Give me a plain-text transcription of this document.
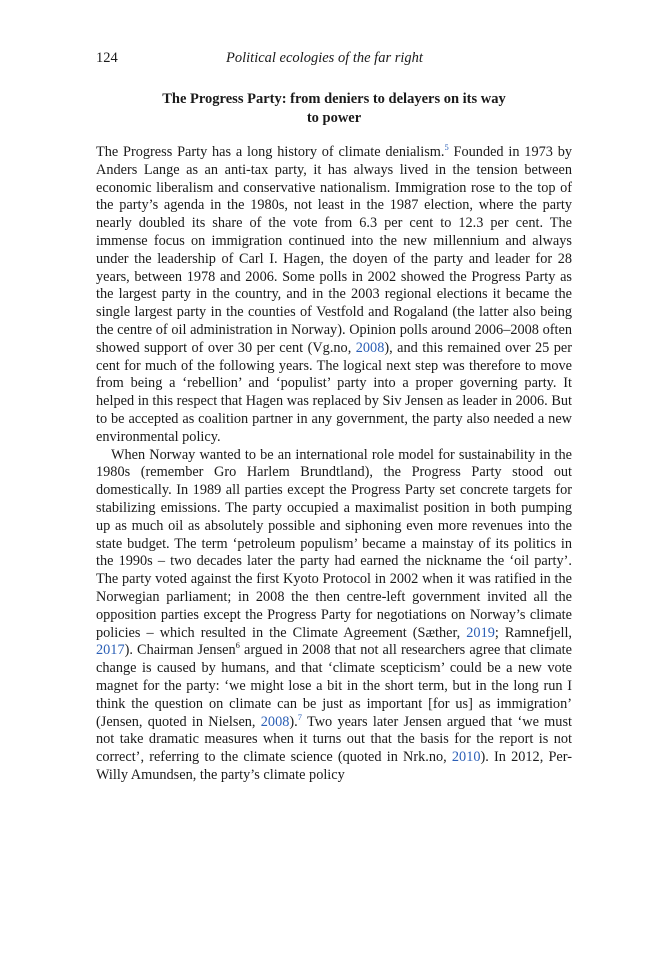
124	Political ecologies of the far right
The Progress Party: from deniers to delayers on its way
to power

The Progress Party has a long history of climate denialism.$^5$ Founded in 1973 by Anders Lange as an anti-tax party, it has always lived in the tension between economic liberalism and conservative nationalism. Immigration rose to the top of the party’s agenda in the 1980s, not least in the 1987 election, where the party nearly doubled its share of the vote from 6.3 per cent to 12.3 per cent. The immense focus on immigration continued into the new millennium and always under the leadership of Carl I. Hagen, the doyen of the party and leader for 28 years, between 1978 and 2006. Some polls in 2002 showed the Progress Party as the largest party in the country, and in the 2003 regional elections it became the single largest party in the counties of Vestfold and Rogaland (the latter also being the centre of oil administration in Norway). Opinion polls around 2006–2008 often showed support of over 30 per cent (Vg.no, 2008), and this remained over 25 per cent for much of the following years. The logical next step was therefore to move from being a ‘rebellion’ and ‘populist’ party into a proper governing party. It helped in this respect that Hagen was replaced by Siv Jensen as leader in 2006. But to be accepted as coalition partner in any government, the party also needed a new environmental policy.

When Norway wanted to be an international role model for sustainability in the 1980s (remember Gro Harlem Brundtland), the Progress Party stood out domestically. In 1989 all parties except the Progress Party set concrete targets for stabilizing emissions. The party occupied a maximalist position in both pumping up as much oil as absolutely possible and siphoning even more revenues into the state budget. The term ‘petroleum populism’ became a mainstay of its politics in the 1990s – two decades later the party had earned the nickname the ‘oil party’. The party voted against the first Kyoto Protocol in 2002 when it was ratified in the Norwegian parliament; in 2008 the then centre-left government invited all the opposition parties except the Progress Party for negotiations on Norway’s climate policies – which resulted in the Climate Agreement (Sæther, 2019; Ramnefjell, 2017). Chairman Jensen$^6$ argued in 2008 that not all researchers agree that climate change is caused by humans, and that ‘climate scepticism’ could be a new vote magnet for the party: ‘we might lose a bit in the short term, but in the long run I think the question on climate can be just as important [for us] as immigration’ (Jensen, quoted in Nielsen, 2008).$^7$ Two years later Jensen argued that ‘we must not take dramatic measures when it turns out that the basis for the report is not correct’, referring to the climate science (quoted in Nrk.no, 2010). In 2012, Per-Willy Amundsen, the party’s climate policy
